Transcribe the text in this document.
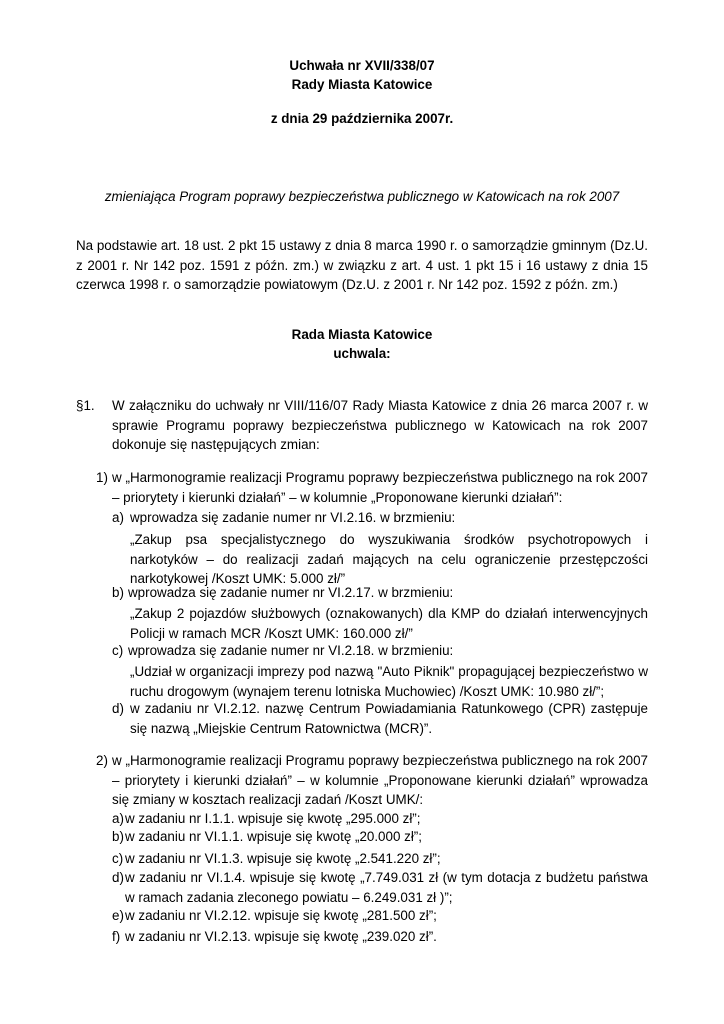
Uchwała nr XVII/338/07
Rady Miasta Katowice
z dnia 29 października 2007r.
zmieniająca Program poprawy bezpieczeństwa publicznego w Katowicach na rok 2007
Na podstawie art. 18 ust. 2 pkt 15 ustawy z dnia 8 marca 1990 r. o samorządzie gminnym (Dz.U. z 2001 r. Nr 142 poz. 1591 z późn. zm.) w związku z art. 4 ust. 1 pkt 15 i 16 ustawy z dnia 15 czerwca 1998 r. o samorządzie powiatowym (Dz.U. z 2001 r. Nr 142 poz. 1592 z późn. zm.)
Rada Miasta Katowice
uchwala:
§1. W załączniku do uchwały nr VIII/116/07 Rady Miasta Katowice z dnia 26 marca 2007 r. w sprawie Programu poprawy bezpieczeństwa publicznego w Katowicach na rok 2007 dokonuje się następujących zmian:
1) w „Harmonogramie realizacji Programu poprawy bezpieczeństwa publicznego na rok 2007 – priorytety i kierunki działań” – w kolumnie „Proponowane kierunki działań”:
a) wprowadza się zadanie numer nr VI.2.16. w brzmieniu:
„Zakup psa specjalistycznego do wyszukiwania środków psychotropowych i narkotyków – do realizacji zadań mających na celu ograniczenie przestępczości narkotykowej /Koszt UMK: 5.000 zł/”
b) wprowadza się zadanie numer nr VI.2.17. w brzmieniu:
„Zakup 2 pojazdów służbowych (oznakowanych) dla KMP do działań interwencyjnych Policji w ramach MCR /Koszt UMK: 160.000 zł/”
c) wprowadza się zadanie numer nr VI.2.18. w brzmieniu:
„Udział w organizacji imprezy pod nazwą "Auto Piknik" propagującej bezpieczeństwo w ruchu drogowym (wynajem terenu lotniska Muchowiec) /Koszt UMK: 10.980 zł/”;
d) w zadaniu nr VI.2.12. nazwę Centrum Powiadamiania Ratunkowego (CPR) zastępuje się nazwą „Miejskie Centrum Ratownictwa (MCR)”.
2) w „Harmonogramie realizacji Programu poprawy bezpieczeństwa publicznego na rok 2007 – priorytety i kierunki działań” – w kolumnie „Proponowane kierunki działań” wprowadza się zmiany w kosztach realizacji zadań /Koszt UMK/:
a) w zadaniu nr I.1.1. wpisuje się kwotę „295.000 zł”;
b) w zadaniu nr VI.1.1. wpisuje się kwotę „20.000 zł”;
c) w zadaniu nr VI.1.3. wpisuje się kwotę „2.541.220 zł”;
d) w zadaniu nr VI.1.4. wpisuje się kwotę „7.749.031 zł (w tym dotacja z budżetu państwa w ramach zadania zleconego powiatu – 6.249.031 zł )”;
e) w zadaniu nr VI.2.12. wpisuje się kwotę „281.500 zł”;
f) w zadaniu nr VI.2.13. wpisuje się kwotę „239.020 zł”.
